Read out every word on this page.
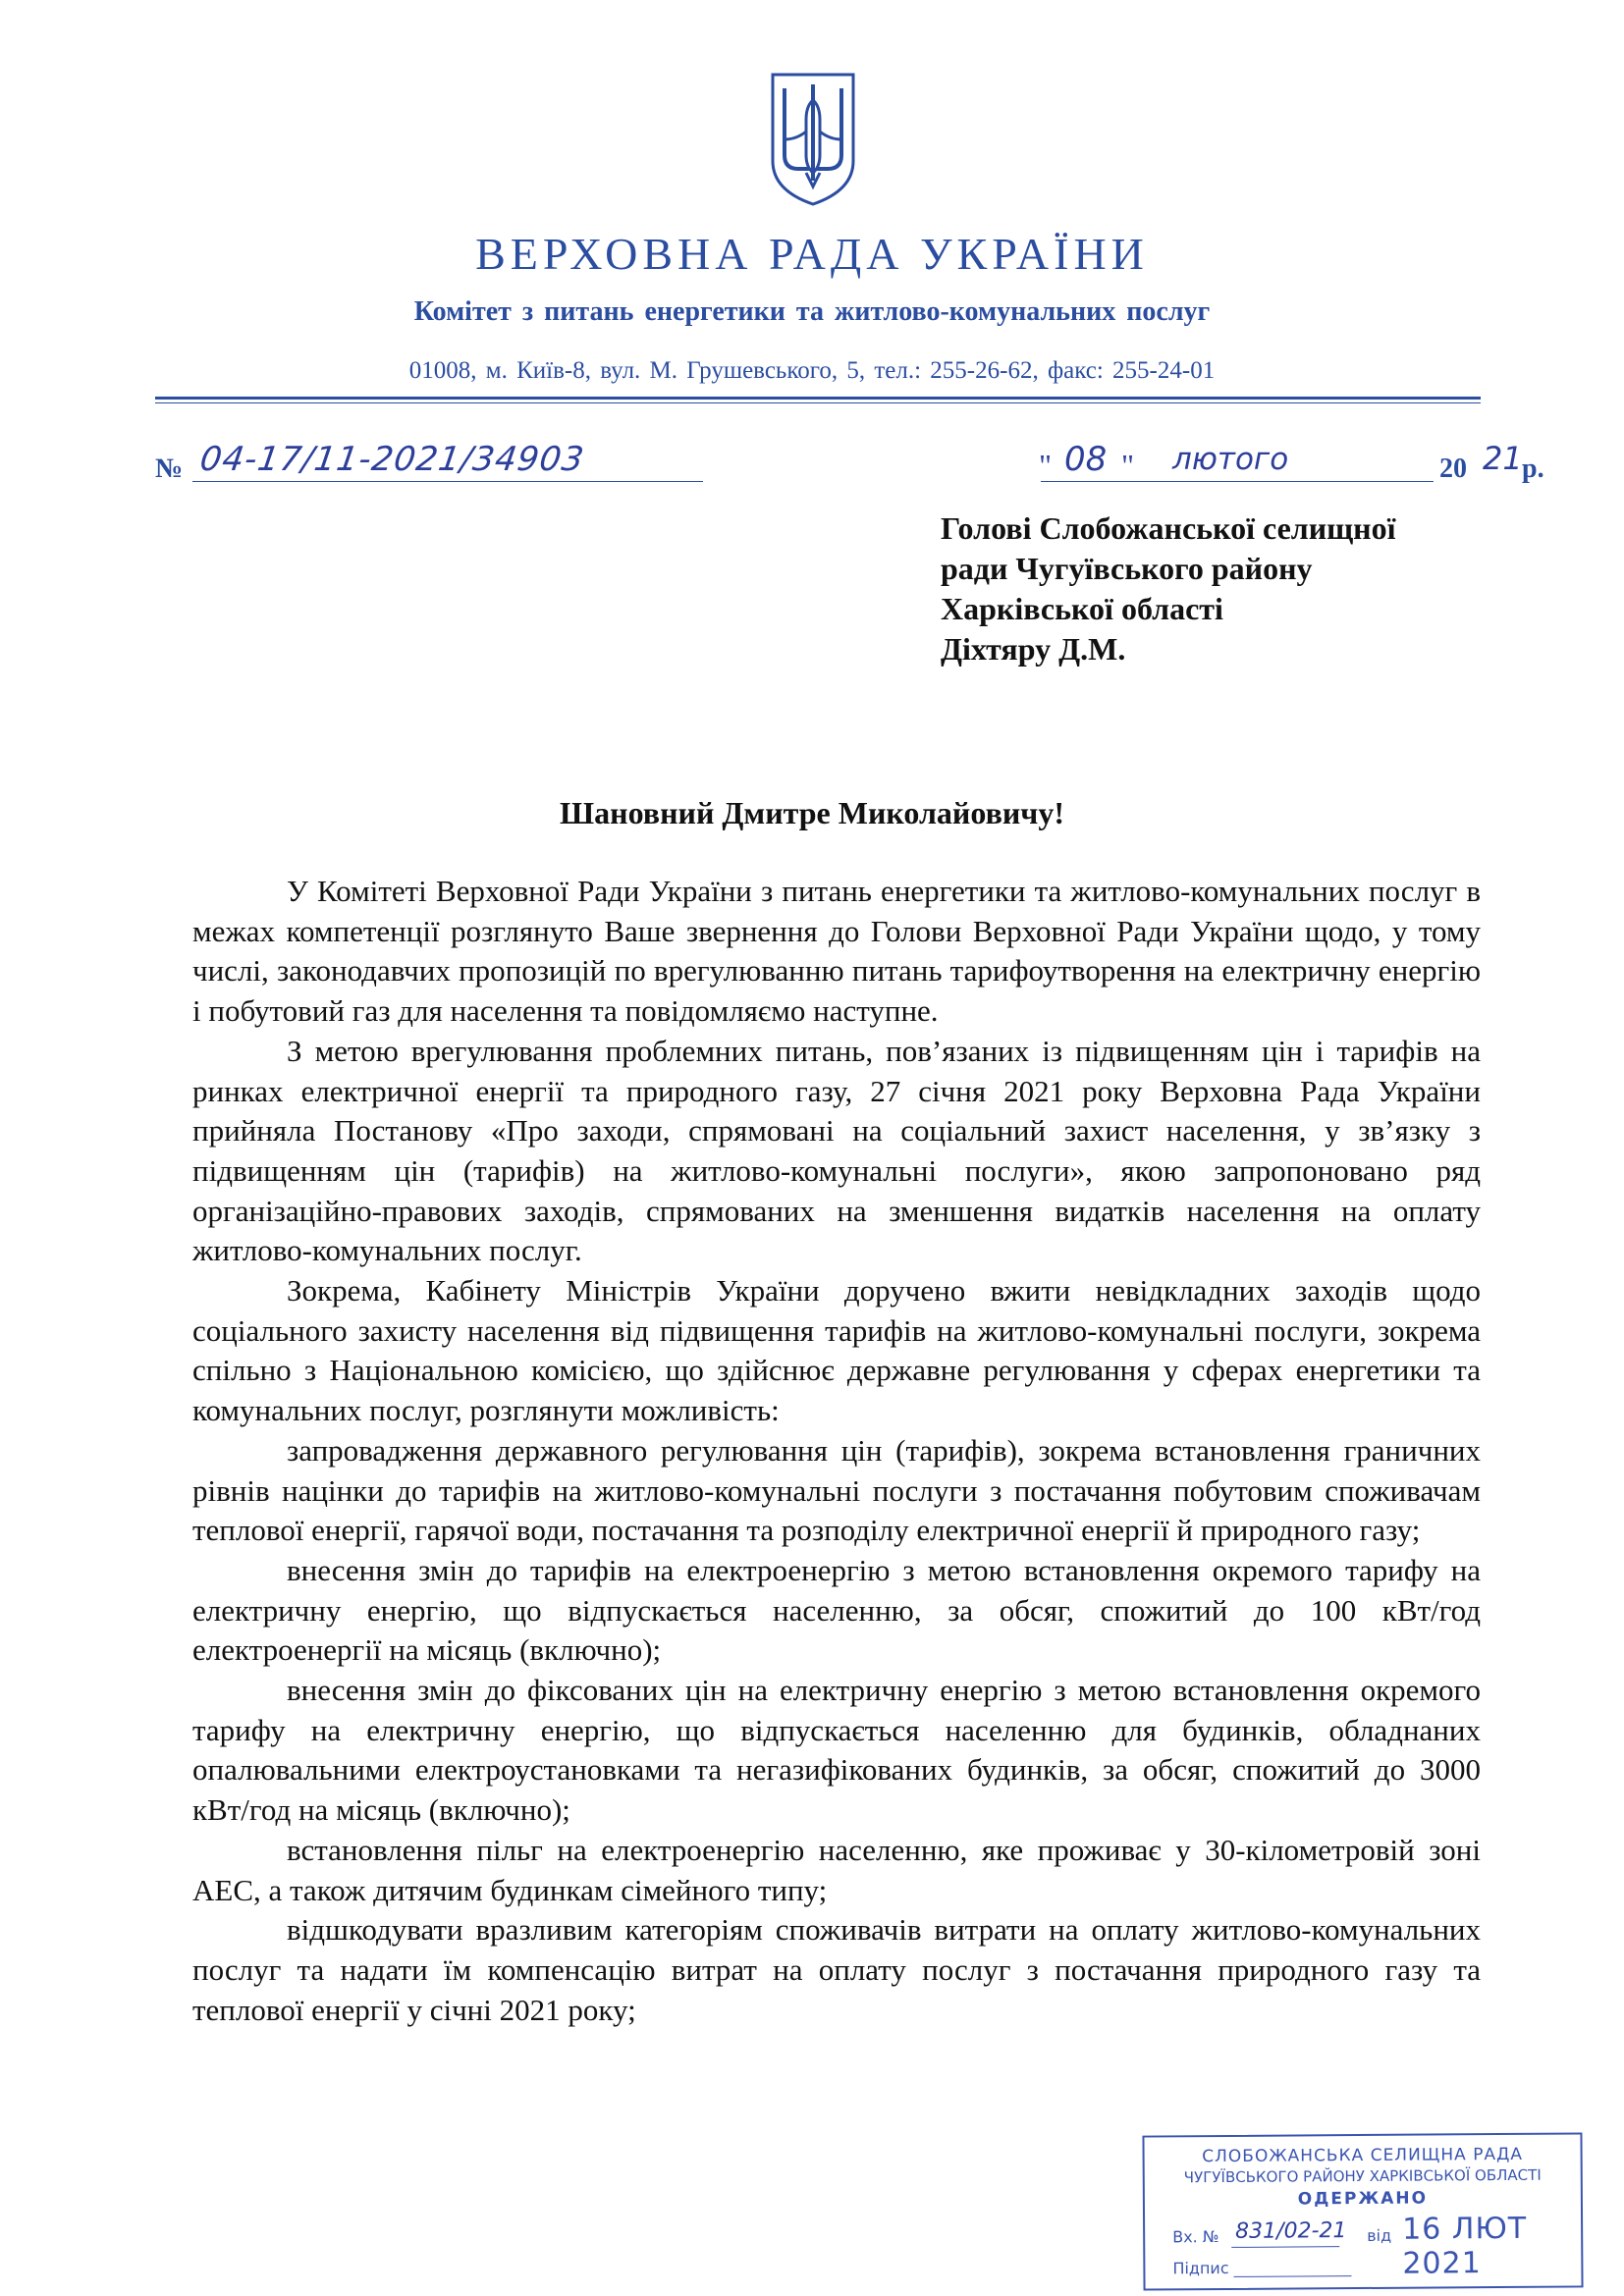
ВЕРХОВНА РАДА УКРАЇНИ
Комітет з питань енергетики та житлово-комунальних послуг
01008, м. Київ-8, вул. М. Грушевського, 5, тел.: 255-26-62, факс: 255-24-01
№ 04-17/11-2021/34903	" 08 " лютого	20 21 р.
Голові Слобожанської селищної
ради Чугуївського району
Харківської області
Діхтяру Д.М.
Шановний Дмитре Миколайовичу!

У Комітеті Верховної Ради України з питань енергетики та житлово-комунальних послуг в межах компетенції розглянуто Ваше звернення до Голови Верховної Ради України щодо, у тому числі, законодавчих пропозицій по врегулюванню питань тарифоутворення на електричну енергію і побутовий газ для населення та повідомляємо наступне.

З метою врегулювання проблемних питань, пов’язаних із підвищенням цін і тарифів на ринках електричної енергії та природного газу, 27 січня 2021 року Верховна Рада України прийняла Постанову «Про заходи, спрямовані на соціальний захист населення, у зв’язку з підвищенням цін (тарифів) на житлово-комунальні послуги», якою запропоновано ряд організаційно-правових заходів, спрямованих на зменшення видатків населення на оплату житлово-комунальних послуг.

Зокрема, Кабінету Міністрів України доручено вжити невідкладних заходів щодо соціального захисту населення від підвищення тарифів на житлово-комунальні послуги, зокрема спільно з Національною комісією, що здійснює державне регулювання у сферах енергетики та комунальних послуг, розглянути можливість:

запровадження державного регулювання цін (тарифів), зокрема встановлення граничних рівнів націнки до тарифів на житлово-комунальні послуги з постачання побутовим споживачам теплової енергії, гарячої води, постачання та розподілу електричної енергії й природного газу;

внесення змін до тарифів на електроенергію з метою встановлення окремого тарифу на електричну енергію, що відпускається населенню, за обсяг, спожитий до 100 кВт/год електроенергії на місяць (включно);

внесення змін до фіксованих цін на електричну енергію з метою встановлення окремого тарифу на електричну енергію, що відпускається населенню для будинків, обладнаних опалювальними електроустановками та негазифікованих будинків, за обсяг, спожитий до 3000 кВт/год на місяць (включно);

встановлення пільг на електроенергію населенню, яке проживає у 30-кілометровій зоні АЕС, а також дитячим будинкам сімейного типу;

відшкодувати вразливим категоріям споживачів витрати на оплату житлово-комунальних послуг та надати їм компенсацію витрат на оплату послуг з постачання природного газу та теплової енергії у січні 2021 року;

СЛОБОЖАНСЬКА СЕЛИЩНА РАДА
ЧУГУЇВСЬКОГО РАЙОНУ ХАРКІВСЬКОЇ ОБЛАСТІ
ОДЕРЖАНО
Вх. № 831/02-21 від 16 ЛЮТ 2021
Підпис
